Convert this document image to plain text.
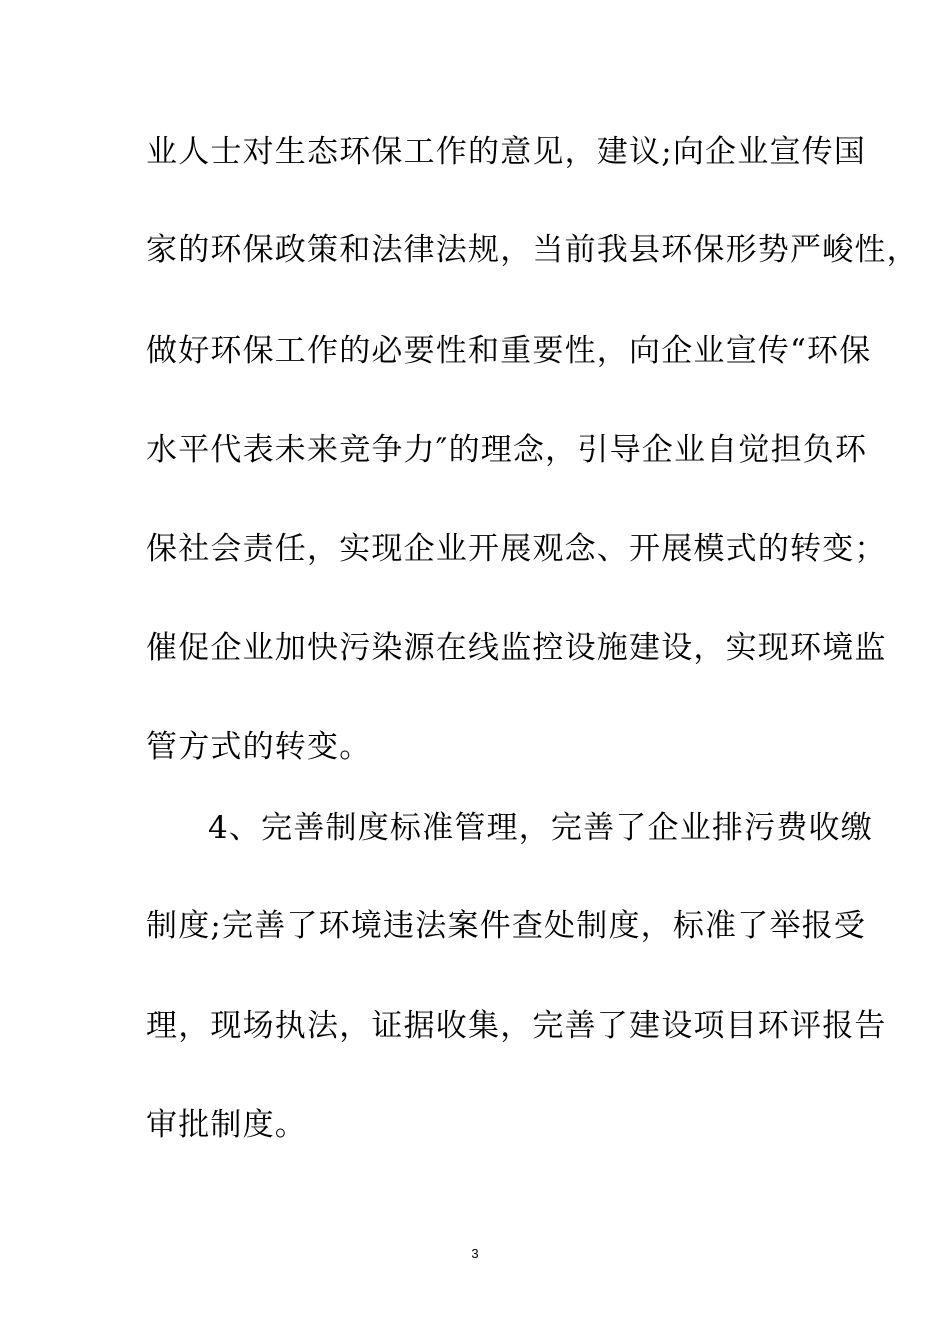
业人士对生态环保工作的意见，建议;向企业宣传国
家的环保政策和法律法规，当前我县环保形势严峻性，
做好环保工作的必要性和重要性，向企业宣传“环保
水平代表未来竞争力″的理念，引导企业自觉担负环
保社会责任，实现企业开展观念、开展模式的转变；
催促企业加快污染源在线监控设施建设，实现环境监
管方式的转变。
4、完善制度标准管理，完善了企业排污费收缴
制度;完善了环境违法案件查处制度，标准了举报受
理，现场执法，证据收集，完善了建设项目环评报告
审批制度。
3
